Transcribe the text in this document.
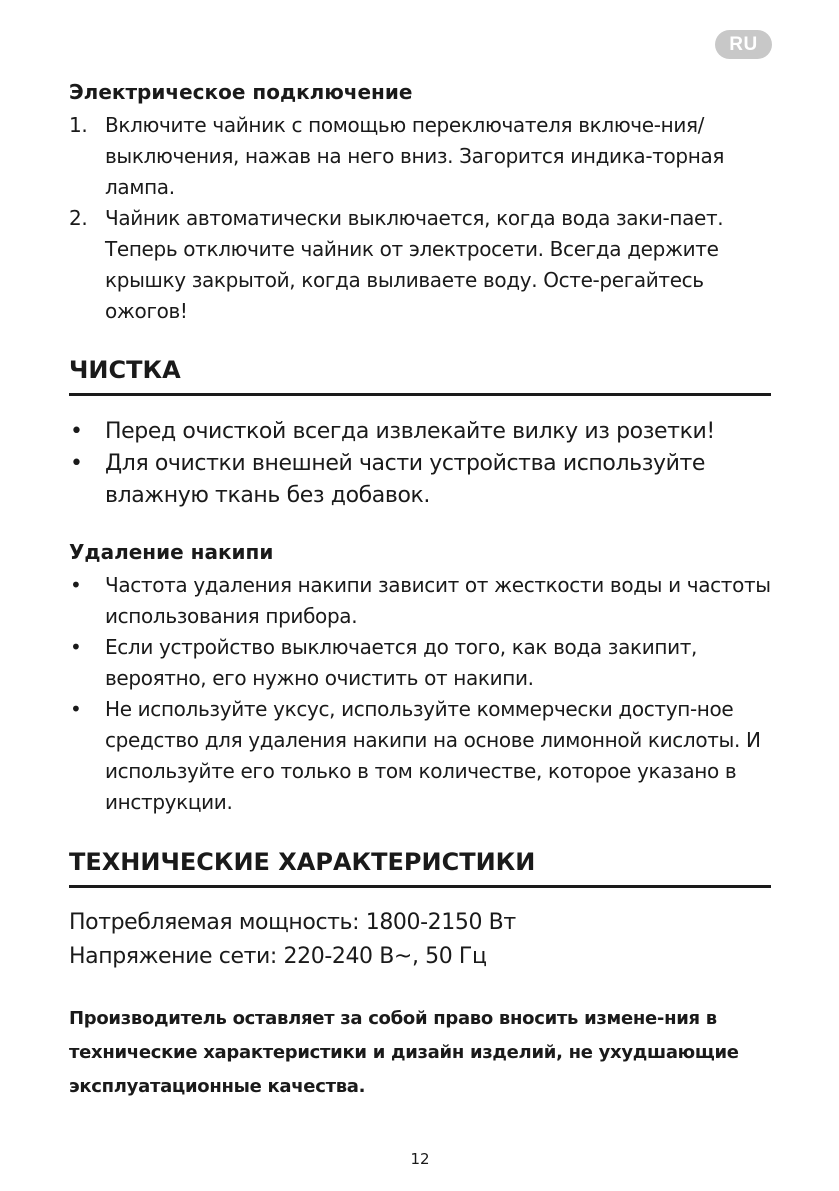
Электрическое подключение
1. Включите чайник с помощью переключателя включе-ния/выключения, нажав на него вниз. Загорится индика-торная лампа.
2. Чайник автоматически выключается, когда вода заки-пает. Теперь отключите чайник от электросети. Всегда держите крышку закрытой, когда выливаете воду. Осте-регайтесь ожогов!
ЧИСТКА
• Перед очисткой всегда извлекайте вилку из розетки!
• Для очистки внешней части устройства используйте влажную ткань без добавок.
Удаление накипи
• Частота удаления накипи зависит от жесткости воды и частоты использования прибора.
• Если устройство выключается до того, как вода закипит, вероятно, его нужно очистить от накипи.
• Не используйте уксус, используйте коммерчески доступ-ное средство для удаления накипи на основе лимонной кислоты. И используйте его только в том количестве, которое указано в инструкции.
ТЕХНИЧЕСКИЕ ХАРАКТЕРИСТИКИ
Потребляемая мощность: 1800-2150 Вт
Напряжение сети: 220-240 В~, 50 Гц

Производитель оставляет за собой право вносить измене-ния в технические характеристики и дизайн изделий, не ухудшающие эксплуатационные качества.

12
RU
